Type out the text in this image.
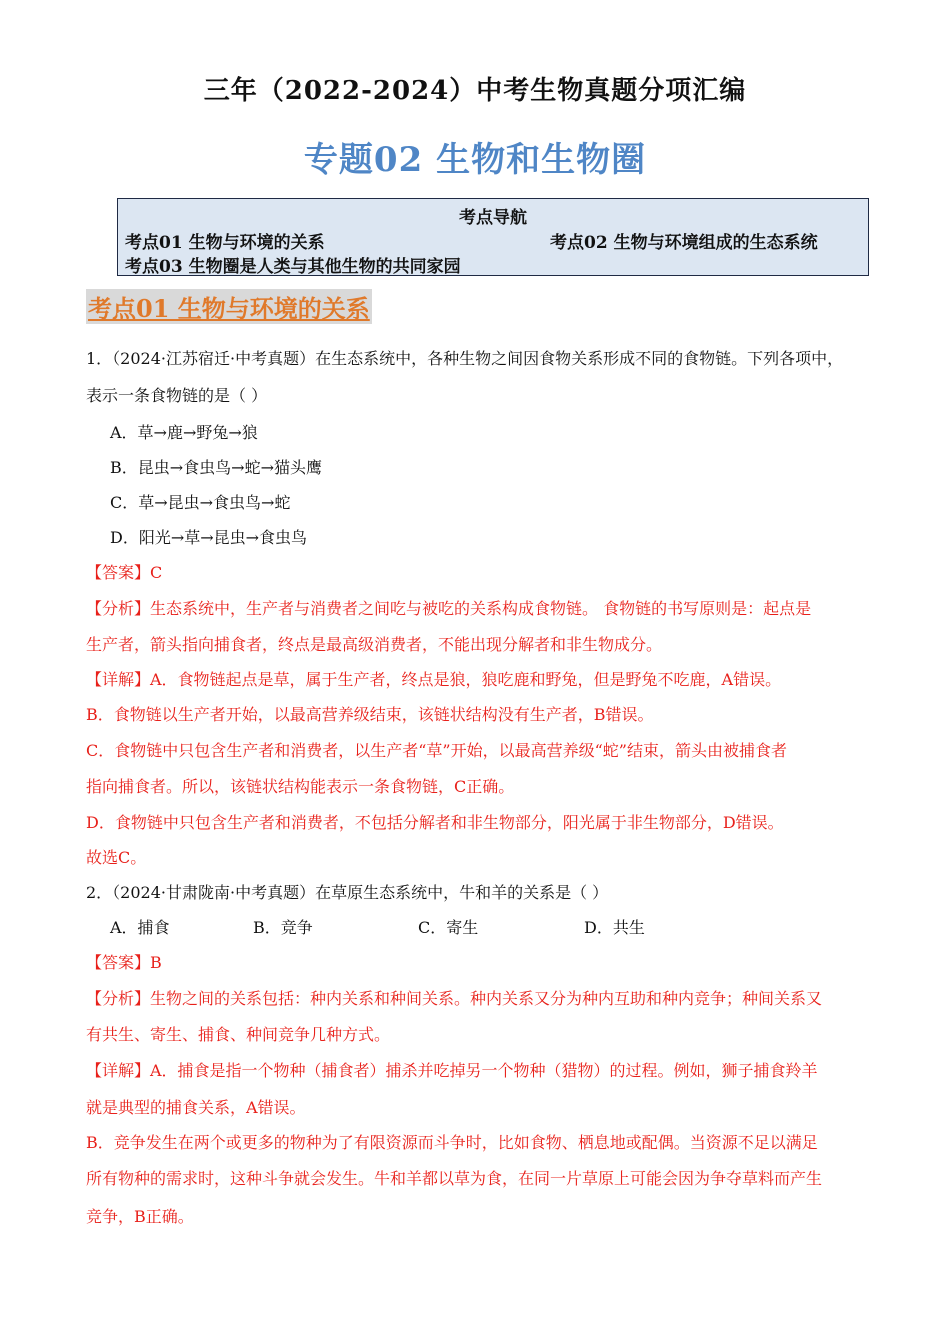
三年（2022-2024）中考生物真题分项汇编
专题02 生物和生物圈
考点导航
考点01 生物与环境的关系	考点02 生物与环境组成的生态系统
考点03 生物圈是人类与其他生物的共同家园
考点01 生物与环境的关系
1．（2024·江苏宿迁·中考真题）在生态系统中，各种生物之间因食物关系形成不同的食物链。下列各项中，
表示一条食物链的是（ ）
A．草→鹿→野兔→狼
B．昆虫→食虫鸟→蛇→猫头鹰
C．草→昆虫→食虫鸟→蛇
D．阳光→草→昆虫→食虫鸟
【答案】C
【分析】生态系统中，生产者与消费者之间吃与被吃的关系构成食物链。 食物链的书写原则是：起点是
生产者，箭头指向捕食者，终点是最高级消费者，不能出现分解者和非生物成分。
【详解】A．食物链起点是草，属于生产者，终点是狼，狼吃鹿和野兔，但是野兔不吃鹿，A错误。
B．食物链以生产者开始，以最高营养级结束，该链状结构没有生产者，B错误。
C．食物链中只包含生产者和消费者，以生产者“草”开始，以最高营养级“蛇”结束，箭头由被捕食者
指向捕食者。所以，该链状结构能表示一条食物链，C正确。
D．食物链中只包含生产者和消费者，不包括分解者和非生物部分，阳光属于非生物部分，D错误。
故选C。
2．（2024·甘肃陇南·中考真题）在草原生态系统中，牛和羊的关系是（ ）
A．捕食	B．竞争	C．寄生	D．共生
【答案】B
【分析】生物之间的关系包括：种内关系和种间关系。种内关系又分为种内互助和种内竞争；种间关系又
有共生、寄生、捕食、种间竞争几种方式。
【详解】A．捕食是指一个物种（捕食者）捕杀并吃掉另一个物种（猎物）的过程。例如，狮子捕食羚羊
就是典型的捕食关系，A错误。
B．竞争发生在两个或更多的物种为了有限资源而斗争时，比如食物、栖息地或配偶。当资源不足以满足
所有物种的需求时，这种斗争就会发生。牛和羊都以草为食，在同一片草原上可能会因为争夺草料而产生
竞争，B正确。
